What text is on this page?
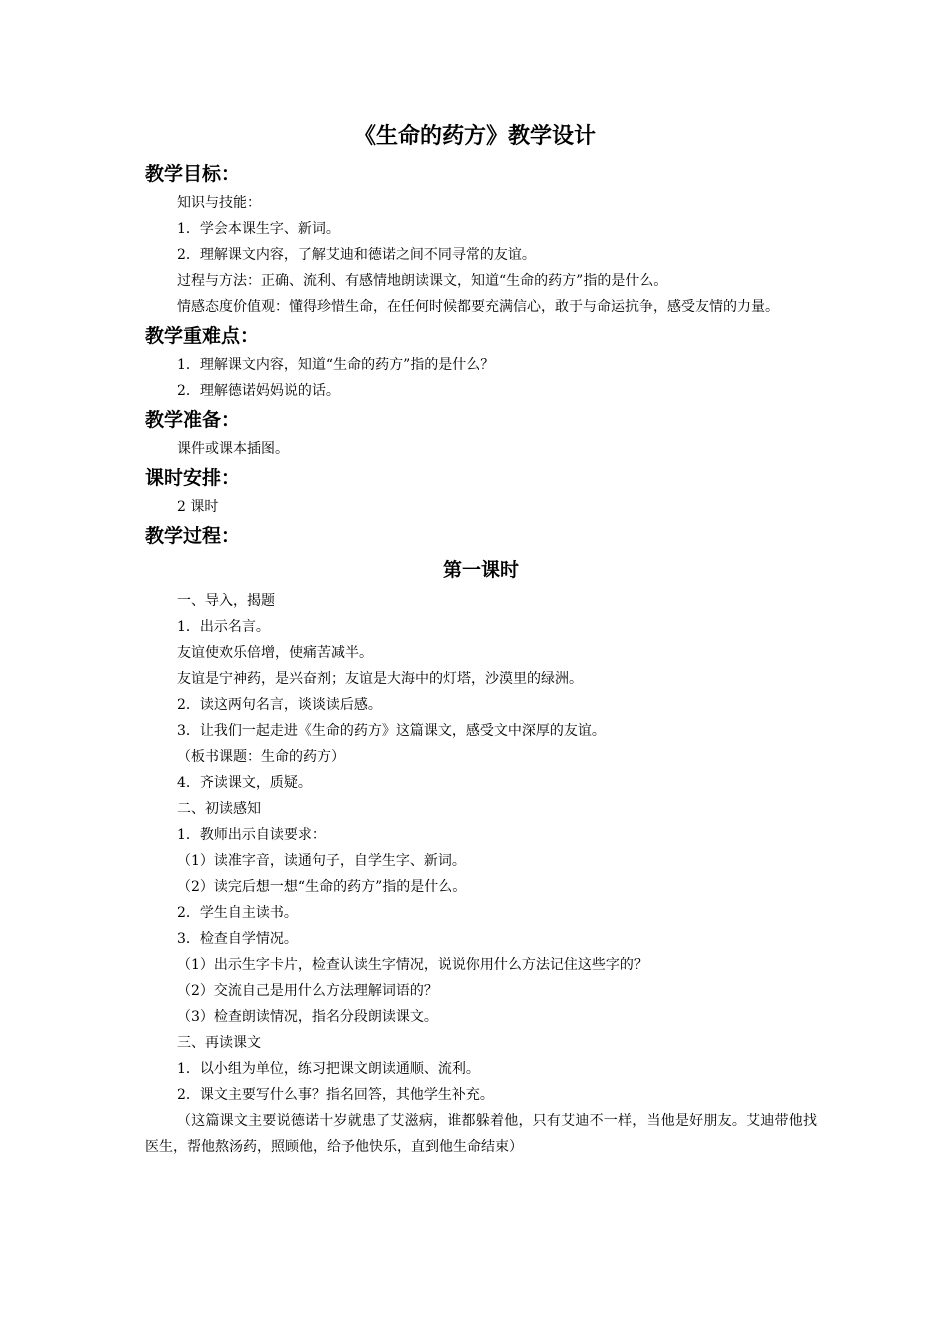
《生命的药方》教学设计
教学目标：
知识与技能：
1．学会本课生字、新词。
2．理解课文内容，了解艾迪和德诺之间不同寻常的友谊。
过程与方法：正确、流利、有感情地朗读课文，知道“生命的药方”指的是什么。
情感态度价值观：懂得珍惜生命，在任何时候都要充满信心，敢于与命运抗争，感受友情的力量。
教学重难点：
1．理解课文内容，知道“生命的药方”指的是什么？
2．理解德诺妈妈说的话。
教学准备：
课件或课本插图。
课时安排：
2 课时
教学过程：
第一课时
一、导入，揭题
1．出示名言。
友谊使欢乐倍增，使痛苦减半。
友谊是宁神药，是兴奋剂；友谊是大海中的灯塔，沙漠里的绿洲。
2．读这两句名言，谈谈读后感。
3．让我们一起走进《生命的药方》这篇课文，感受文中深厚的友谊。
（板书课题：生命的药方）
4．齐读课文，质疑。
二、初读感知
1．教师出示自读要求：
（1）读准字音，读通句子，自学生字、新词。
（2）读完后想一想“生命的药方”指的是什么。
2．学生自主读书。
3．检查自学情况。
（1）出示生字卡片，检查认读生字情况，说说你用什么方法记住这些字的？
（2）交流自己是用什么方法理解词语的？
（3）检查朗读情况，指名分段朗读课文。
三、再读课文
1．以小组为单位，练习把课文朗读通顺、流利。
2．课文主要写什么事？指名回答，其他学生补充。
（这篇课文主要说德诺十岁就患了艾滋病，谁都躲着他，只有艾迪不一样，当他是好朋友。艾迪带他找医生，帮他熬汤药，照顾他，给予他快乐，直到他生命结束）
